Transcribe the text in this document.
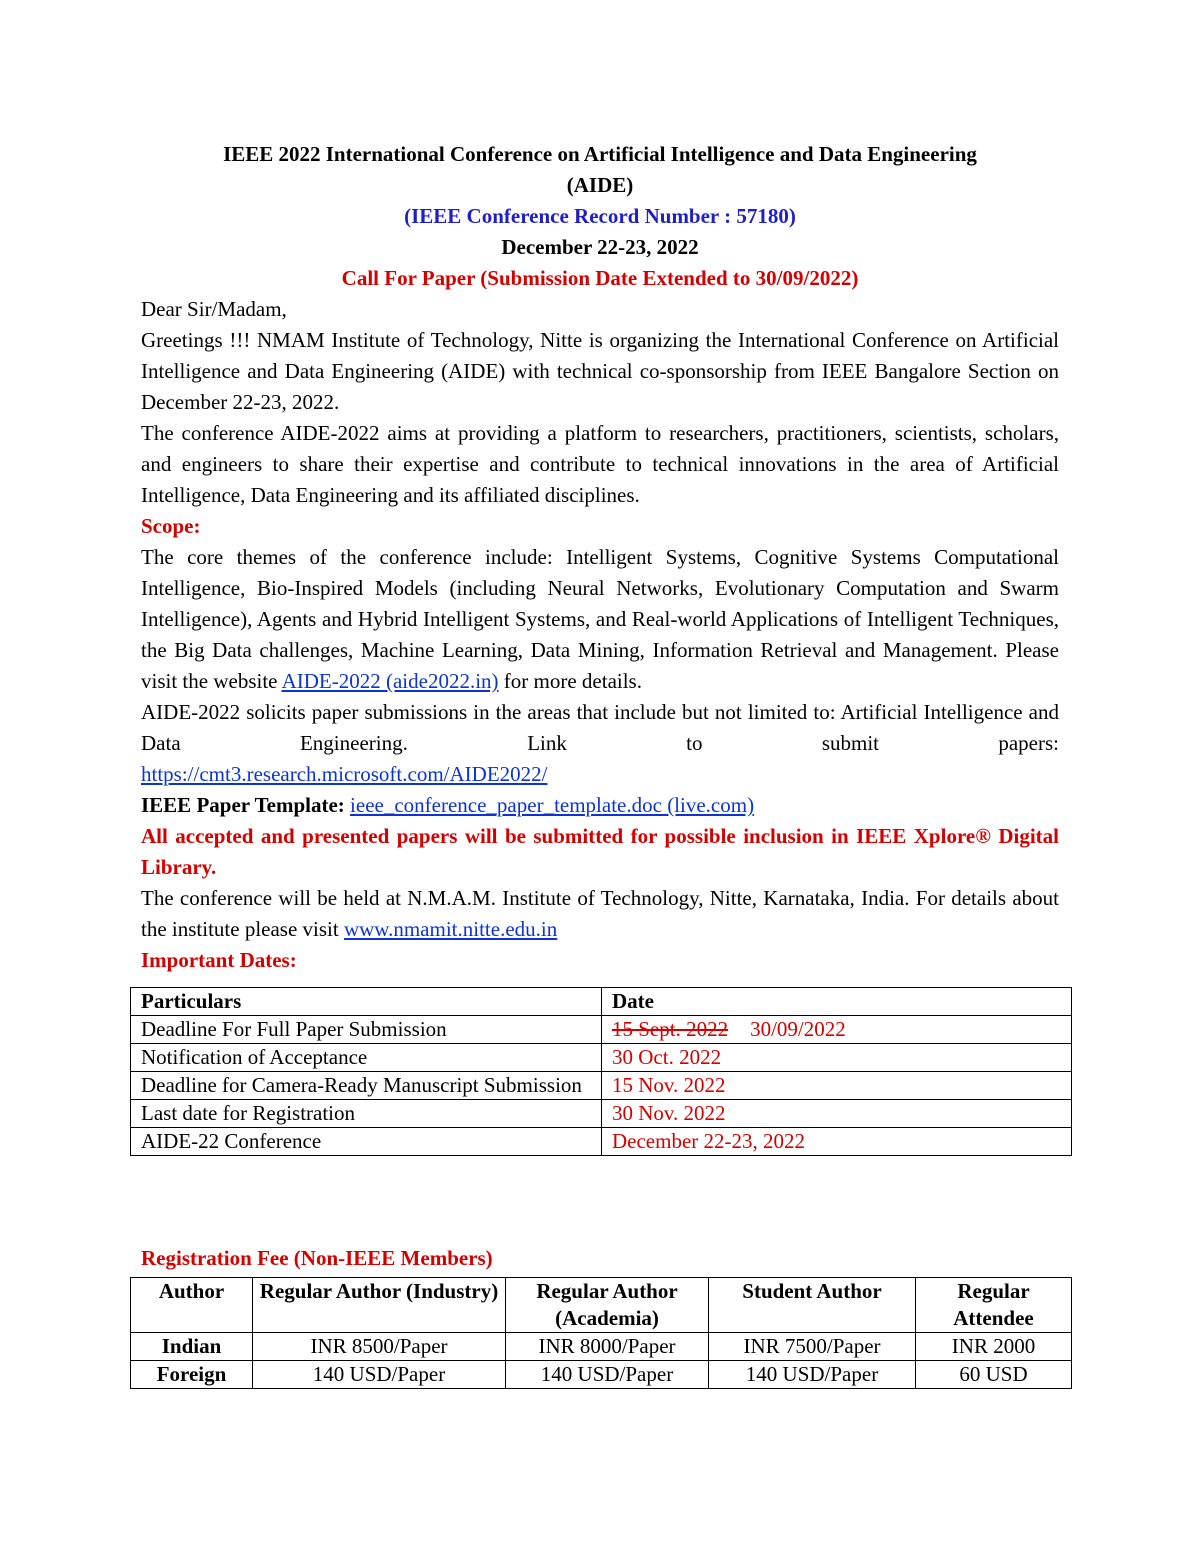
IEEE 2022 International Conference on Artificial Intelligence and Data Engineering

(AIDE)

(IEEE Conference Record Number : 57180)

December 22-23, 2022

Call For Paper (Submission Date Extended to 30/09/2022)

Dear Sir/Madam,

Greetings !!! NMAM Institute of Technology, Nitte is organizing the International Conference on Artificial Intelligence and Data Engineering (AIDE) with technical co-sponsorship from IEEE Bangalore Section on December 22-23, 2022.

The conference AIDE-2022 aims at providing a platform to researchers, practitioners, scientists, scholars, and engineers to share their expertise and contribute to technical innovations in the area of Artificial Intelligence, Data Engineering and its affiliated disciplines.

Scope:

The core themes of the conference include: Intelligent Systems, Cognitive Systems Computational Intelligence, Bio-Inspired Models (including Neural Networks, Evolutionary Computation and Swarm Intelligence), Agents and Hybrid Intelligent Systems, and Real-world Applications of Intelligent Techniques, the Big Data challenges, Machine Learning, Data Mining, Information Retrieval and Management. Please visit the website AIDE-2022 (aide2022.in) for more details.

AIDE-2022 solicits paper submissions in the areas that include but not limited to: Artificial Intelligence and Data Engineering.	Link to submit papers:

https://cmt3.research.microsoft.com/AIDE2022/

IEEE Paper Template: ieee_conference_paper_template.doc (live.com)

All accepted and presented papers will be submitted for possible inclusion in IEEE Xplore® Digital Library.

The conference will be held at N.M.A.M. Institute of Technology, Nitte, Karnataka, India. For details about the institute please visit www.nmamit.nitte.edu.in

Important Dates:

Particulars	Date
Deadline For Full Paper Submission	15 Sept. 2022 30/09/2022
Notification of Acceptance	30 Oct. 2022
Deadline for Camera-Ready Manuscript Submission	15 Nov. 2022
Last date for Registration	30 Nov. 2022
AIDE-22 Conference	December 22-23, 2022
Registration Fee (Non-IEEE Members)
Author	Regular Author (Industry)	Regular Author (Academia)	Student Author	Regular Attendee
Indian	INR 8500/Paper	INR 8000/Paper	INR 7500/Paper	INR 2000
Foreign	140 USD/Paper	140 USD/Paper	140 USD/Paper	60 USD
